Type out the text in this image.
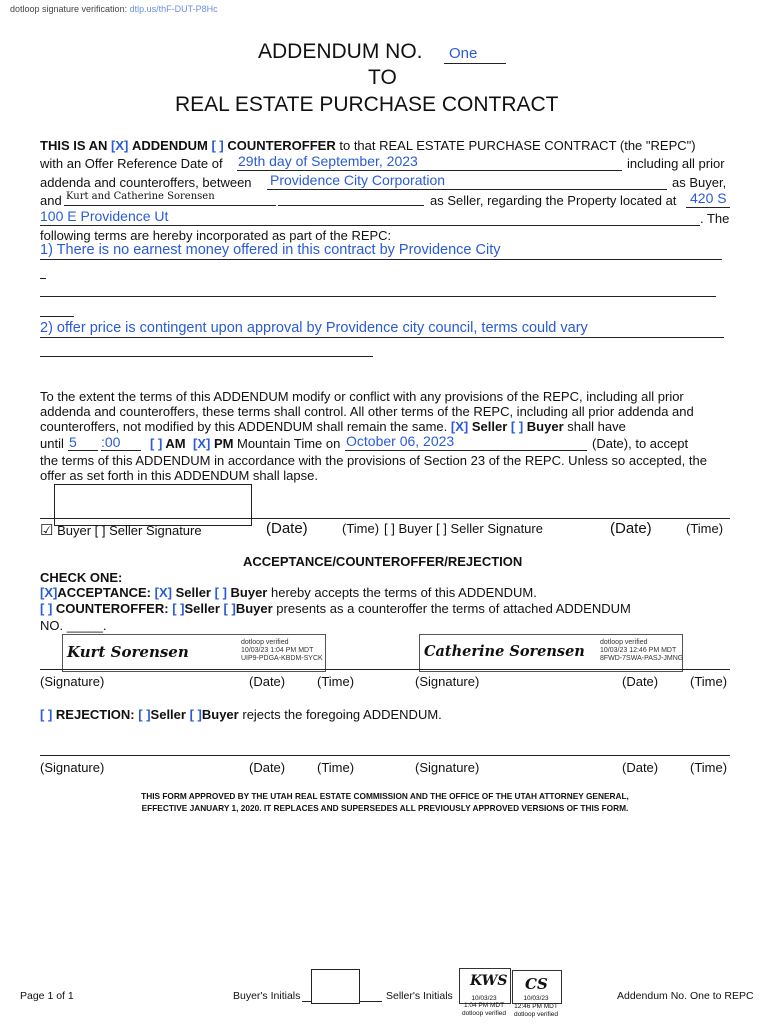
dotloop signature verification: dtlp.us/thF-DUT-P8Hc
ADDENDUM NO. One
TO
REAL ESTATE PURCHASE CONTRACT
THIS IS AN [X] ADDENDUM [ ] COUNTEROFFER to that REAL ESTATE PURCHASE CONTRACT (the "REPC")
with an Offer Reference Date of 29th day of September, 2023	including all prior
addenda and counteroffers, between Providence City Corporation	as Buyer,
and Kurt and Catherine Sorensen	as Seller, regarding the Property located at 420 S
100 E Providence Ut	. The
following terms are hereby incorporated as part of the REPC:
1) There is no earnest money offered in this contract by Providence City
2) offer price is contingent upon approval by Providence city council, terms could vary
To the extent the terms of this ADDENDUM modify or conflict with any provisions of the REPC, including all prior
addenda and counteroffers, these terms shall control. All other terms of the REPC, including all prior addenda and
counteroffers, not modified by this ADDENDUM shall remain the same. [X] Seller [ ] Buyer shall have
until 5 :00 [ ] AM [X] PM Mountain Time on October 06, 2023	(Date), to accept
the terms of this ADDENDUM in accordance with the provisions of Section 23 of the REPC. Unless so accepted, the
offer as set forth in this ADDENDUM shall lapse.
☑ Buyer [ ] Seller Signature	(Date)	(Time) [ ] Buyer [ ] Seller Signature	(Date)	(Time)
ACCEPTANCE/COUNTEROFFER/REJECTION
CHECK ONE:
[X]ACCEPTANCE: [X] Seller [ ] Buyer hereby accepts the terms of this ADDENDUM.
[ ] COUNTEROFFER: [ ]Seller [ ]Buyer presents as a counteroffer the terms of attached ADDENDUM
NO. _____.
Kurt Sorensen
dotloop verified
10/03/23 1:04 PM MDT
UIP9-PDGA-KBDM-SYCK	Catherine Sorensen
dotloop verified
10/03/23 12:46 PM MDT
8FWD-7SWA-PASJ-JMNG
(Signature)	(Date) (Time)	(Signature)	(Date) (Time)
[ ] REJECTION: [ ]Seller [ ]Buyer rejects the foregoing ADDENDUM.
(Signature)	(Date) (Time)	(Signature)	(Date) (Time)
THIS FORM APPROVED BY THE UTAH REAL ESTATE COMMISSION AND THE OFFICE OF THE UTAH ATTORNEY GENERAL,
EFFECTIVE JANUARY 1, 2020. IT REPLACES AND SUPERSEDES ALL PREVIOUSLY APPROVED VERSIONS OF THIS FORM.
Page 1 of 1	Buyer's Initials	Seller's Initials
KWS
10/03/23
1:04 PM MDT
dotloop verified
CS
10/03/23
12:46 PM MDT
dotloop verified
Addendum No. One to REPC
